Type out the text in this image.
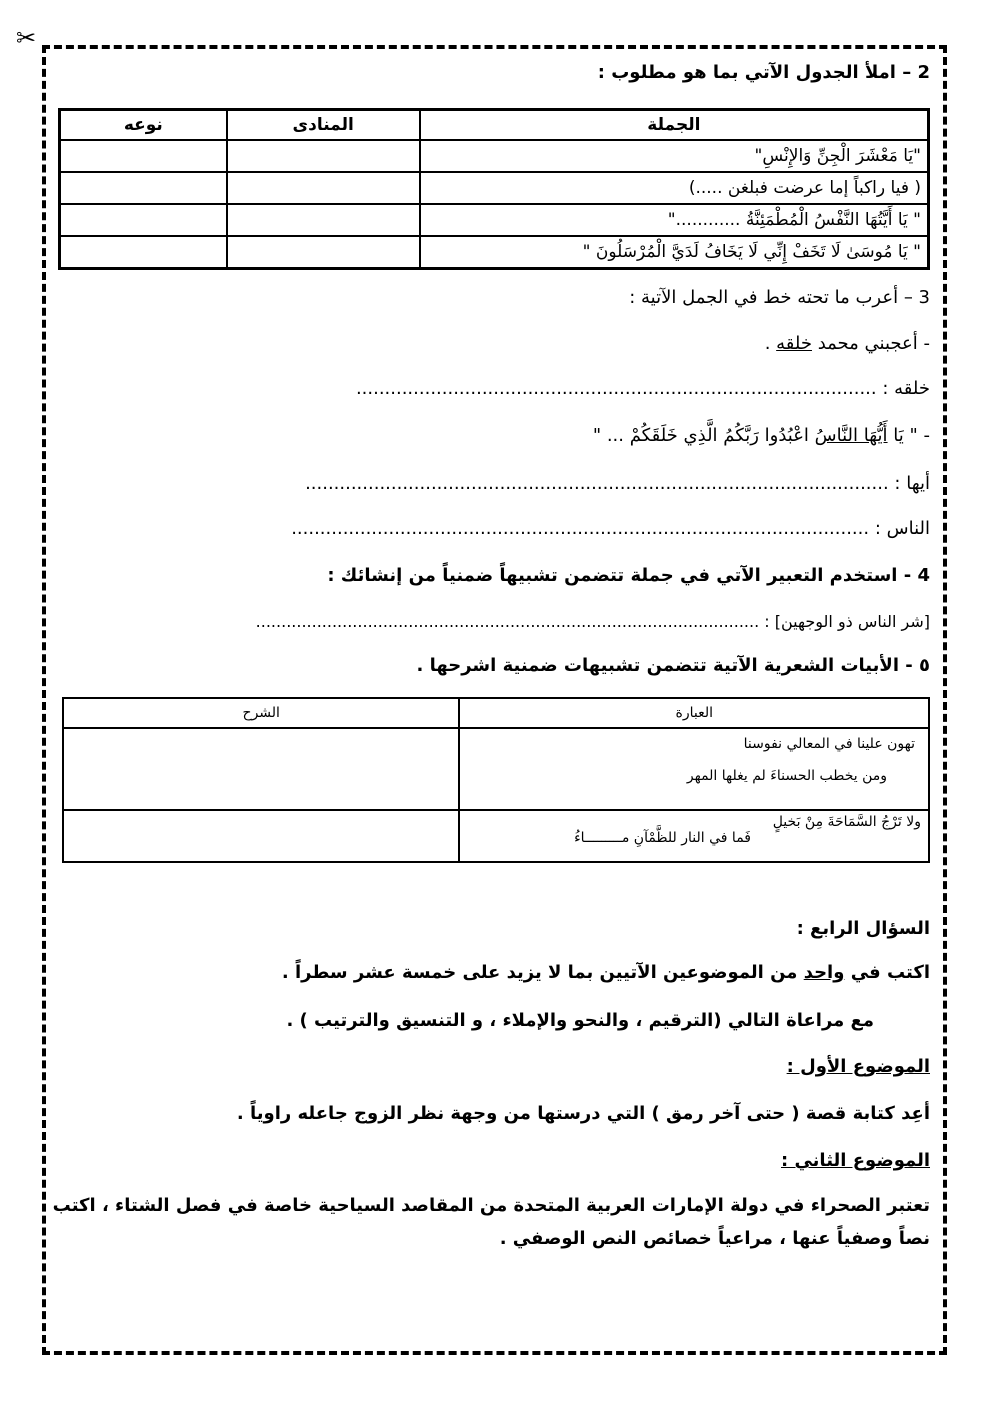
✂
2 – املأ الجدول الآتي بما هو مطلوب :
الجملة	المنادى	نوعه
"يَا مَعْشَرَ الْجِنِّ وَالإِنْسِ"		
( فيا راكباً إما عرضت فبلغن .....)		
" يَا أَيَّتُهَا النَّفْسُ الْمُطْمَئِنَّةُ ............"		
" يَا مُوسَىٰ لَا تَخَفْ إِنِّي لَا يَخَافُ لَدَيَّ الْمُرْسَلُونَ "		
3 – أعرب ما تحته خط في الجمل الآتية :
- أعجبني محمد خلقه .
خلقه : ...........................................................................................
- " يَا أَيُّهَا النَّاسُ اعْبُدُوا رَبَّكُمُ الَّذِي خَلَقَكُمْ ... "
أيها : ......................................................................................................
الناس : .....................................................................................................
4 - استخدم التعبير الآتي في جملة تتضمن تشبيهاً ضمنياً من إنشائك :
[شر الناس ذو الوجهين] : ...................................................................................................
٥ - الأبيات الشعرية الآتية تتضمن تشبيهات ضمنية اشرحها .
العبارة	الشرح

تهون علينا في المعالي نفوسنا
ومن يخطب الحسناءَ لم يغلها المهر	

ولا تَرْجُ السَّمَاحَةَ مِنْ بَخيلٍ
فَما في النار للظَّمْآنِ مـــــــــاءُ	

السؤال الرابع :
اكتب في واحد من الموضوعين الآتيين بما لا يزيد على خمسة عشر سطراً .
مع مراعاة التالي (الترقيم ، والنحو والإملاء ، و التنسيق والترتيب ) .
الموضوع الأول :
أعِد كتابة قصة ( حتى آخر رمق ) التي درستها من وجهة نظر الزوج جاعله راوياً .
الموضوع الثاني :
تعتبر الصحراء في دولة الإمارات العربية المتحدة من المقاصد السياحية خاصة في فصل الشتاء ، اكتب
نصاً وصفياً عنها ، مراعياً خصائص النص الوصفي .
